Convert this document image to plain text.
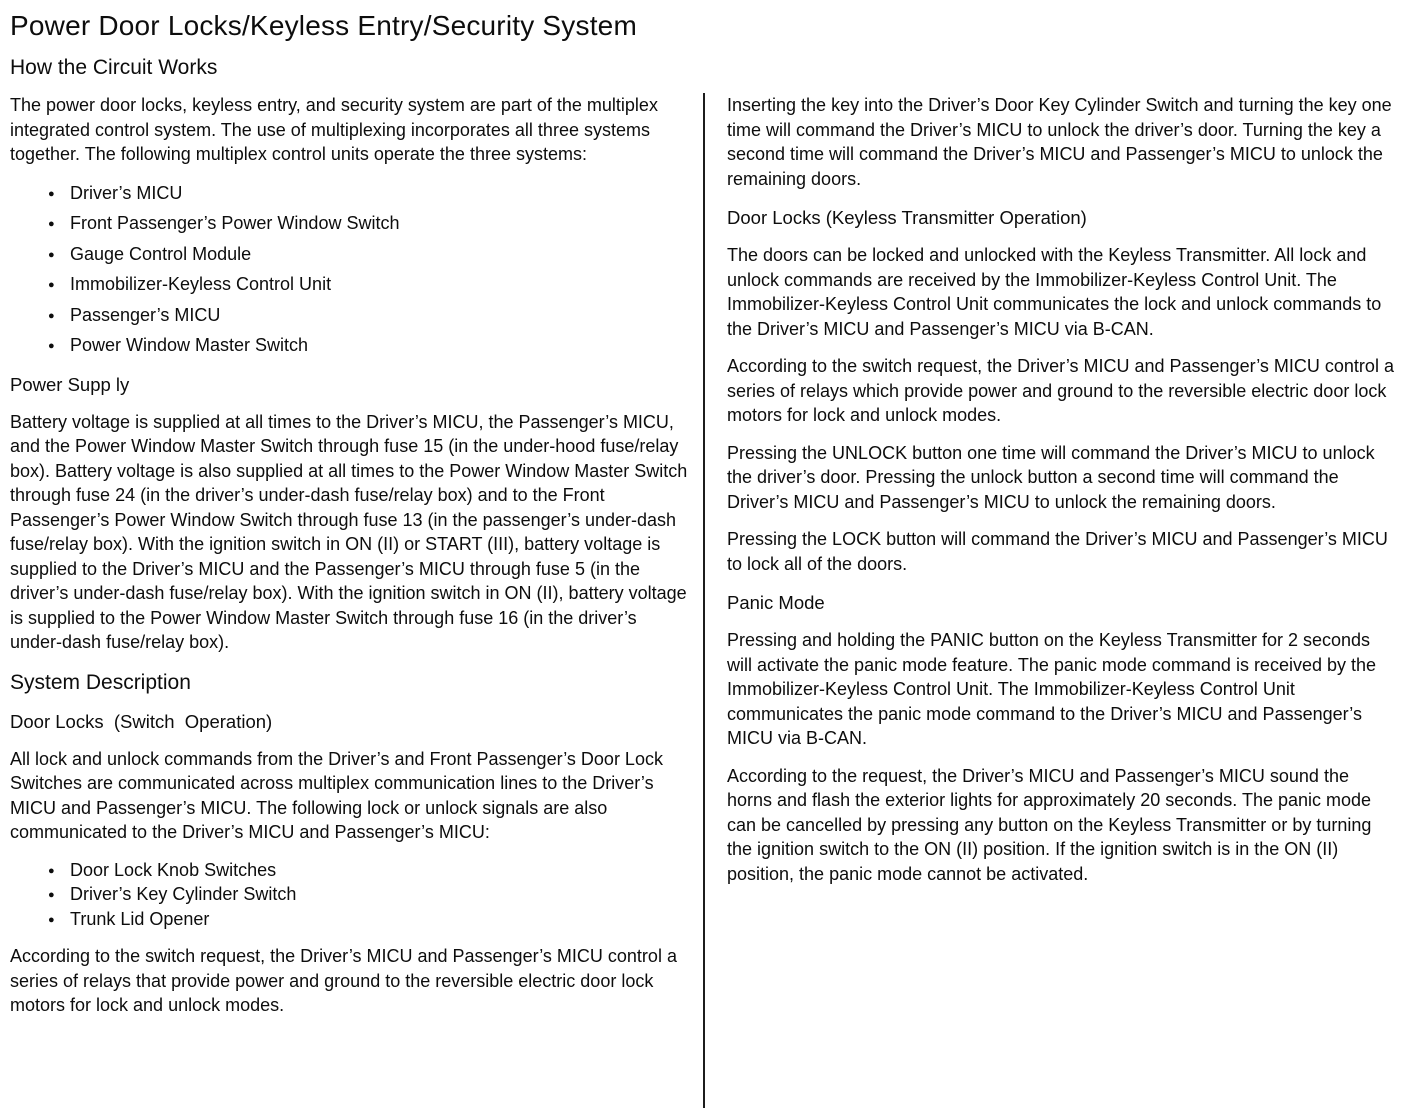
Power Door Locks/Keyless Entry/Security System
How the Circuit Works

The power door locks, keyless entry, and security system are part of the multiplex integrated control system. The use of multiplexing incorporates all three systems together. The following multiplex control units operate the three systems:

● Driver’s MICU
● Front Passenger’s Power Window Switch
● Gauge Control Module
● Immobilizer-Keyless Control Unit
● Passenger’s MICU
● Power Window Master Switch
Power Supp ly

Battery voltage is supplied at all times to the Driver’s MICU, the Passenger’s MICU, and the Power Window Master Switch through fuse 15 (in the under-hood fuse/relay box). Battery voltage is also supplied at all times to the Power Window Master Switch through fuse 24 (in the driver’s under-dash fuse/relay box) and to the Front Passenger’s Power Window Switch through fuse 13 (in the passenger’s under-dash fuse/relay box). With the ignition switch in ON (II) or START (III), battery voltage is supplied to the Driver’s MICU and the Passenger’s MICU through fuse 5 (in the driver’s under-dash fuse/relay box). With the ignition switch in ON (II), battery voltage is supplied to the Power Window Master Switch through fuse 16 (in the driver’s under-dash fuse/relay box).

System Description
Door Locks  (Switch  Operation)

All lock and unlock commands from the Driver’s and Front Passenger’s Door Lock Switches are communicated across multiplex communication lines to the Driver’s MICU and Passenger’s MICU. The following lock or unlock signals are also communicated to the Driver’s MICU and Passenger’s MICU:

● Door Lock Knob Switches
● Driver’s Key Cylinder Switch
● Trunk Lid Opener

According to the switch request, the Driver’s MICU and Passenger’s MICU control a series of relays that provide power and ground to the reversible electric door lock motors for lock and unlock modes.

Inserting the key into the Driver’s Door Key Cylinder Switch and turning the key one time will command the Driver’s MICU to unlock the driver’s door. Turning the key a second time will command the Driver’s MICU and Passenger’s MICU to unlock the remaining doors.

Door Locks (Keyless Transmitter Operation)

The doors can be locked and unlocked with the Keyless Transmitter. All lock and unlock commands are received by the Immobilizer-Keyless Control Unit. The Immobilizer-Keyless Control Unit communicates the lock and unlock commands to the Driver’s MICU and Passenger’s MICU via B-CAN.

According to the switch request, the Driver’s MICU and Passenger’s MICU control a series of relays which provide power and ground to the reversible electric door lock motors for lock and unlock modes.

Pressing the UNLOCK button one time will command the Driver’s MICU to unlock the driver’s door. Pressing the unlock button a second time will command the Driver’s MICU and Passenger’s MICU to unlock the remaining doors.

Pressing the LOCK button will command the Driver’s MICU and Passenger’s MICU to lock all of the doors.

Panic Mode

Pressing and holding the PANIC button on the Keyless Transmitter for 2 seconds will activate the panic mode feature. The panic mode command is received by the Immobilizer-Keyless Control Unit. The Immobilizer-Keyless Control Unit communicates the panic mode command to the Driver’s MICU and Passenger’s MICU via B-CAN.

According to the request, the Driver’s MICU and Passenger’s MICU sound the horns and flash the exterior lights for approximately 20 seconds. The panic mode can be cancelled by pressing any button on the Keyless Transmitter or by turning the ignition switch to the ON (II) position. If the ignition switch is in the ON (II) position, the panic mode cannot be activated.
